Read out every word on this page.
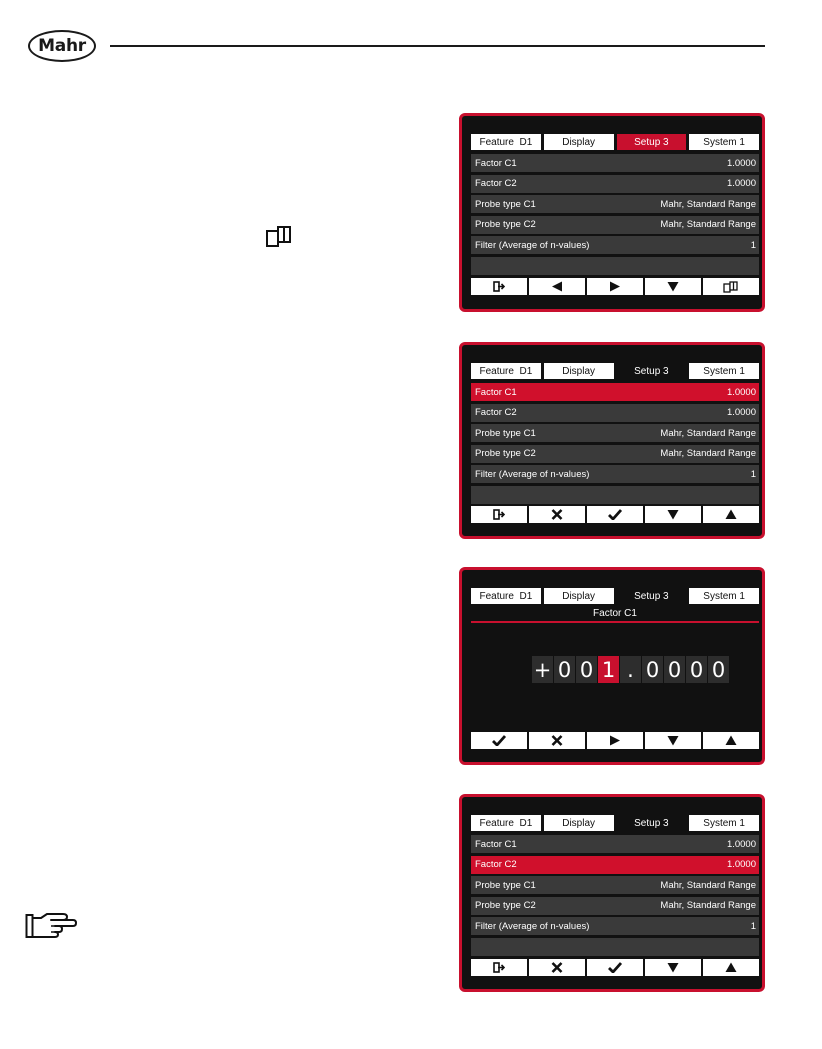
Mahr
Feature  D1	Display	Setup 3	System 1
Factor C1	1.0000
Factor C2	1.0000
Probe type C1	Mahr, Standard Range
Probe type C2	Mahr, Standard Range
Filter (Average of n-values)	1
Feature  D1	Display	Setup 3	System 1
Factor C1	1.0000
Factor C2	1.0000
Probe type C1	Mahr, Standard Range
Probe type C2	Mahr, Standard Range
Filter (Average of n-values)	1
Feature  D1	Display	Setup 3	System 1
Factor C1
+ 0 0 1 . 0 0 0 0
Feature  D1	Display	Setup 3	System 1
Factor C1	1.0000
Factor C2	1.0000
Probe type C1	Mahr, Standard Range
Probe type C2	Mahr, Standard Range
Filter (Average of n-values)	1
